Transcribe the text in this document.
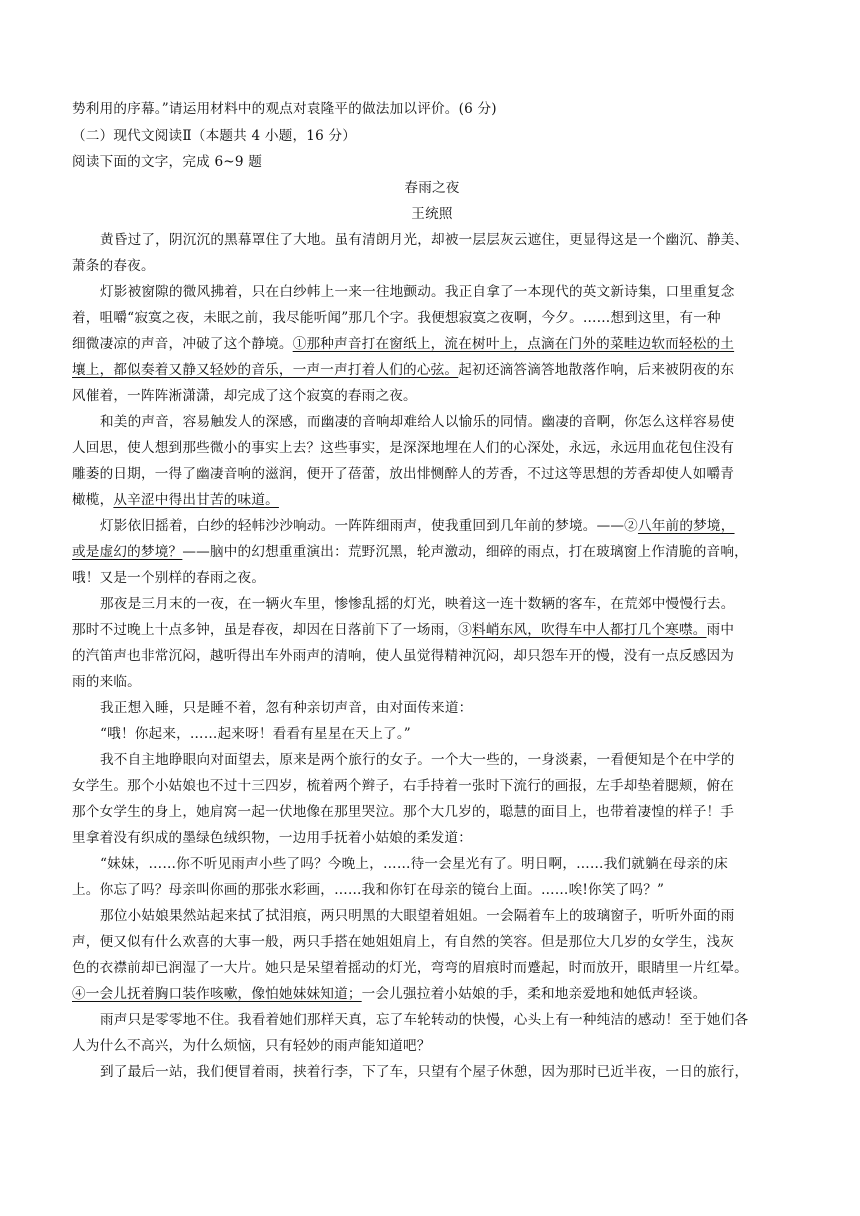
势利用的序幕。”请运用材料中的观点对袁隆平的做法加以评价。(6 分)
（二）现代文阅读Ⅱ（本题共 4 小题，16 分）
阅读下面的文字，完成 6~9 题
春雨之夜
王统照
黄昏过了，阴沉沉的黑幕罩住了大地。虽有清朗月光，却被一层层灰云遮住，更显得这是一个幽沉、静美、
萧条的春夜。
灯影被窗隙的微风拂着，只在白纱帏上一来一往地颤动。我正自拿了一本现代的英文新诗集，口里重复念
着，咀嚼“寂寞之夜，未眠之前，我尽能听闻”那几个字。我便想寂寞之夜啊，今夕。……想到这里，有一种
细微凄凉的声音，冲破了这个静境。①那种声音打在窗纸上，流在树叶上，点滴在门外的菜畦边软而轻松的土
壤上，都似奏着又静又轻妙的音乐，一声一声打着人们的心弦。起初还滴答滴答地散落作响，后来被阴夜的东
风催着，一阵阵淅潇潇，却完成了这个寂寞的春雨之夜。
和美的声音，容易触发人的深感，而幽凄的音响却难给人以愉乐的同情。幽凄的音啊，你怎么这样容易使
人回思，使人想到那些微小的事实上去？这些事实，是深深地埋在人们的心深处，永远，永远用血花包住没有
雕萎的日期，一得了幽凄音响的滋润，便开了蓓蕾，放出悱恻醉人的芳香，不过这等思想的芳香却使人如嚼青
橄榄，从辛涩中得出甘苦的味道。
灯影依旧摇着，白纱的轻帏沙沙响动。一阵阵细雨声，使我重回到几年前的梦境。——②八年前的梦境，
或是虚幻的梦境？——脑中的幻想重重演出：荒野沉黑，轮声激动，细碎的雨点，打在玻璃窗上作清脆的音响，
哦！又是一个别样的春雨之夜。
那夜是三月末的一夜，在一辆火车里，惨惨乱摇的灯光，映着这一连十数辆的客车，在荒郊中慢慢行去。
那时不过晚上十点多钟，虽是春夜，却因在日落前下了一场雨，③料峭东风，吹得车中人都打几个寒噤。雨中
的汽笛声也非常沉闷，越听得出车外雨声的清响，使人虽觉得精神沉闷，却只怨车开的慢，没有一点反感因为
雨的来临。
我正想入睡，只是睡不着，忽有种亲切声音，由对面传来道：
“哦！你起来，……起来呀！看看有星星在天上了。”
我不自主地睁眼向对面望去，原来是两个旅行的女子。一个大一些的，一身淡素，一看便知是个在中学的
女学生。那个小姑娘也不过十三四岁，梳着两个辫子，右手持着一张时下流行的画报，左手却垫着腮颊，俯在
那个女学生的身上，她肩窝一起一伏地像在那里哭泣。那个大几岁的，聪慧的面目上，也带着凄惶的样子！手
里拿着没有织成的墨绿色绒织物，一边用手抚着小姑娘的柔发道：
“妹妹，……你不听见雨声小些了吗？今晚上，……待一会星光有了。明日啊，……我们就躺在母亲的床
上。你忘了吗？母亲叫你画的那张水彩画，……我和你钉在母亲的镜台上面。……唉!你笑了吗？”
那位小姑娘果然站起来拭了拭泪痕，两只明黑的大眼望着姐姐。一会隔着车上的玻璃窗子，听听外面的雨
声，便又似有什么欢喜的大事一般，两只手搭在她姐姐肩上，有自然的笑容。但是那位大几岁的女学生，浅灰
色的衣襟前却已润湿了一大片。她只是呆望着摇动的灯光，弯弯的眉痕时而蹙起，时而放开，眼睛里一片红晕。
④一会儿抚着胸口装作咳嗽，像怕她妹妹知道；一会儿强拉着小姑娘的手，柔和地亲爱地和她低声轻谈。
雨声只是零零地不住。我看着她们那样天真，忘了车轮转动的快慢，心头上有一种纯洁的感动！至于她们各
人为什么不高兴，为什么烦恼，只有轻妙的雨声能知道吧？
到了最后一站，我们便冒着雨，挟着行李，下了车，只望有个屋子休憩，因为那时已近半夜，一日的旅行，
